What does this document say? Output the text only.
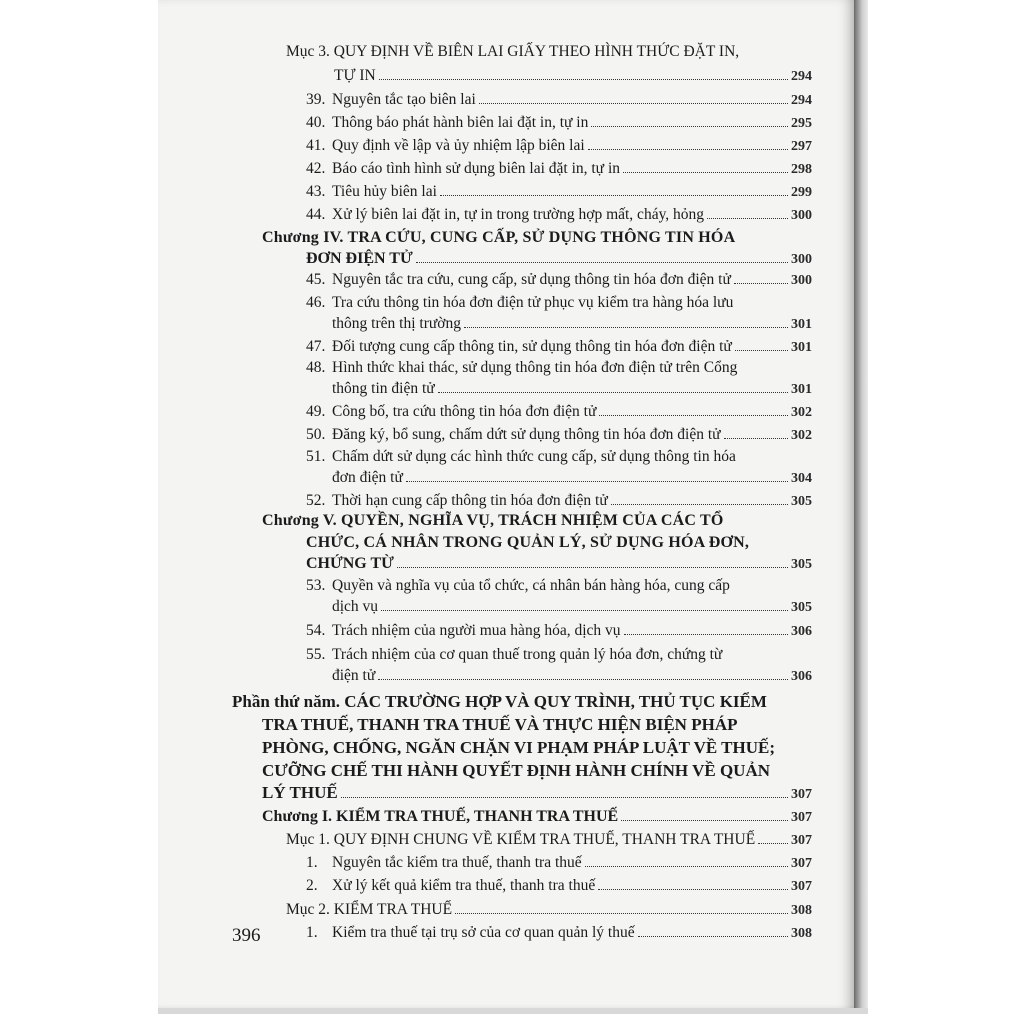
Mục 3. QUY ĐỊNH VỀ BIÊN LAI GIẤY THEO HÌNH THỨC ĐẶT IN,
TỰ IN	294
39. Nguyên tắc tạo biên lai	294
40. Thông báo phát hành biên lai đặt in, tự in	295
41. Quy định về lập và ủy nhiệm lập biên lai	297
42. Báo cáo tình hình sử dụng biên lai đặt in, tự in	298
43. Tiêu hủy biên lai	299
44. Xử lý biên lai đặt in, tự in trong trường hợp mất, cháy, hỏng	300
Chương IV. TRA CỨU, CUNG CẤP, SỬ DỤNG THÔNG TIN HÓA
ĐƠN ĐIỆN TỬ	300
45. Nguyên tắc tra cứu, cung cấp, sử dụng thông tin hóa đơn điện tử	300
46. Tra cứu thông tin hóa đơn điện tử phục vụ kiểm tra hàng hóa lưu
thông trên thị trường	301
47. Đối tượng cung cấp thông tin, sử dụng thông tin hóa đơn điện tử	301
48. Hình thức khai thác, sử dụng thông tin hóa đơn điện tử trên Cổng
thông tin điện tử	301
49. Công bố, tra cứu thông tin hóa đơn điện tử	302
50. Đăng ký, bổ sung, chấm dứt sử dụng thông tin hóa đơn điện tử	302
51. Chấm dứt sử dụng các hình thức cung cấp, sử dụng thông tin hóa
đơn điện tử	304
52. Thời hạn cung cấp thông tin hóa đơn điện tử	305
Chương V. QUYỀN, NGHĨA VỤ, TRÁCH NHIỆM CỦA CÁC TỔ
CHỨC, CÁ NHÂN TRONG QUẢN LÝ, SỬ DỤNG HÓA ĐƠN,
CHỨNG TỪ	305
53. Quyền và nghĩa vụ của tổ chức, cá nhân bán hàng hóa, cung cấp
dịch vụ	305
54. Trách nhiệm của người mua hàng hóa, dịch vụ	306
55. Trách nhiệm của cơ quan thuế trong quản lý hóa đơn, chứng từ
điện tử	306
Phần thứ năm. CÁC TRƯỜNG HỢP VÀ QUY TRÌNH, THỦ TỤC KIỂM
TRA THUẾ, THANH TRA THUẾ VÀ THỰC HIỆN BIỆN PHÁP
PHÒNG, CHỐNG, NGĂN CHẶN VI PHẠM PHÁP LUẬT VỀ THUẾ;
CƯỠNG CHẾ THI HÀNH QUYẾT ĐỊNH HÀNH CHÍNH VỀ QUẢN
LÝ THUẾ	307
Chương I. KIỂM TRA THUẾ, THANH TRA THUẾ	307
Mục 1. QUY ĐỊNH CHUNG VỀ KIỂM TRA THUẾ, THANH TRA THUẾ	307
1. Nguyên tắc kiểm tra thuế, thanh tra thuế	307
2. Xử lý kết quả kiểm tra thuế, thanh tra thuế	307
Mục 2. KIỂM TRA THUẾ	308
1. Kiểm tra thuế tại trụ sở của cơ quan quản lý thuế	308
396
